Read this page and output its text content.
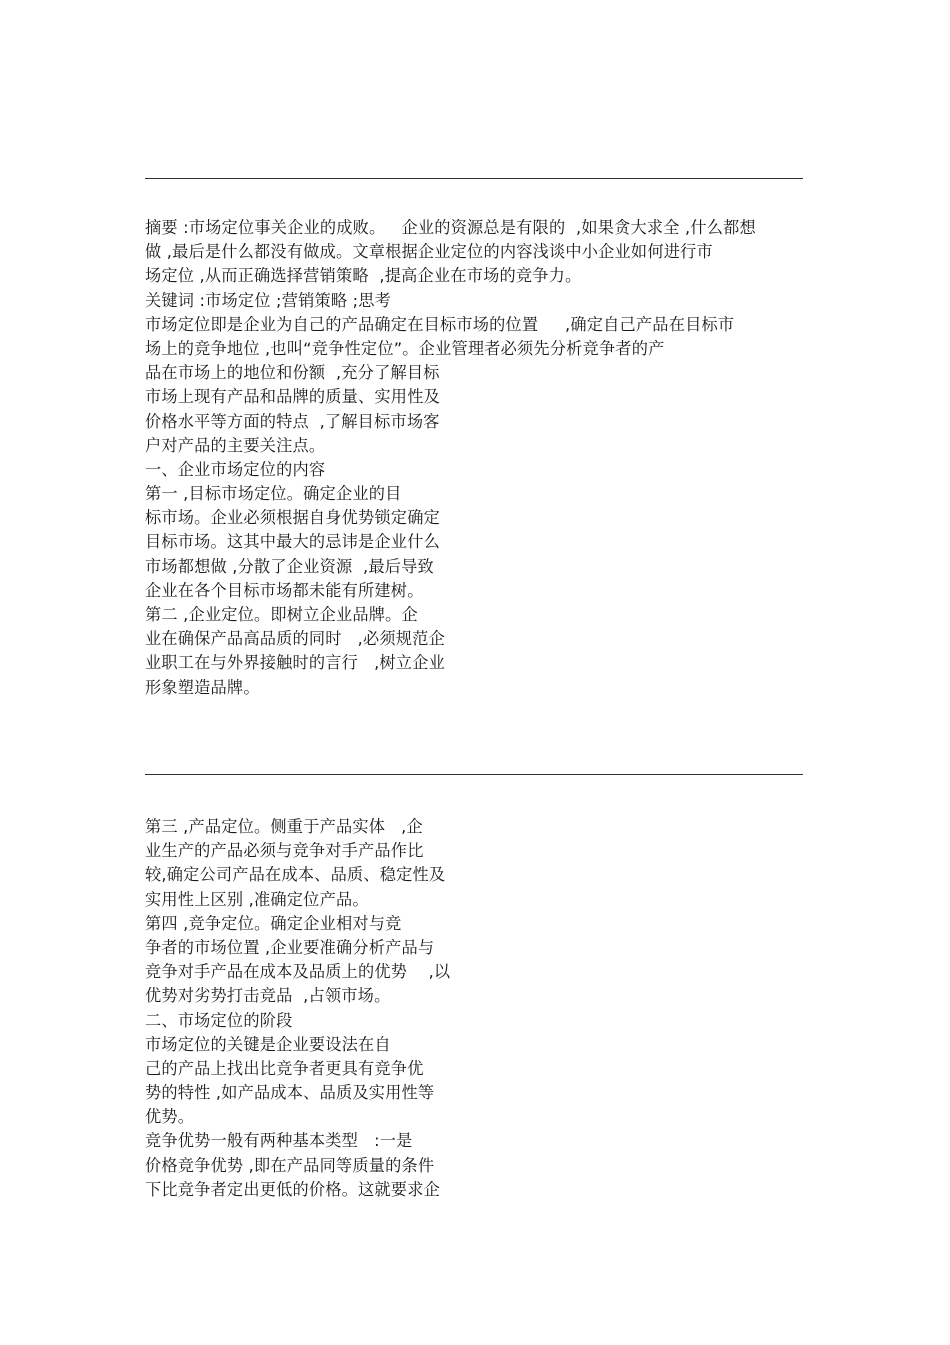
摘要 :市场定位事关企业的成败。   企业的资源总是有限的  ,如果贪大求全 ,什么都想
做 ,最后是什么都没有做成。文章根据企业定位的内容浅谈中小企业如何进行市
场定位 ,从而正确选择营销策略  ,提高企业在市场的竞争力。
关键词 :市场定位 ;营销策略 ;思考
市场定位即是企业为自己的产品确定在目标市场的位置     ,确定自己产品在目标市
场上的竞争地位 ,也叫“竞争性定位”。企业管理者必须先分析竞争者的产
品在市场上的地位和份额  ,充分了解目标
市场上现有产品和品牌的质量、实用性及
价格水平等方面的特点  ,了解目标市场客
户对产品的主要关注点。
一、企业市场定位的内容
第一 ,目标市场定位。确定企业的目
标市场。企业必须根据自身优势锁定确定
目标市场。这其中最大的忌讳是企业什么
市场都想做 ,分散了企业资源  ,最后导致
企业在各个目标市场都未能有所建树。
第二 ,企业定位。即树立企业品牌。企
业在确保产品高品质的同时   ,必须规范企
业职工在与外界接触时的言行   ,树立企业
形象塑造品牌。
第三 ,产品定位。侧重于产品实体   ,企
业生产的产品必须与竞争对手产品作比
较,确定公司产品在成本、品质、稳定性及
实用性上区别 ,准确定位产品。
第四 ,竞争定位。确定企业相对与竞
争者的市场位置 ,企业要准确分析产品与
竞争对手产品在成本及品质上的优势    ,以
优势对劣势打击竞品  ,占领市场。
二、市场定位的阶段
市场定位的关键是企业要设法在自
己的产品上找出比竞争者更具有竞争优
势的特性 ,如产品成本、品质及实用性等
优势。
竞争优势一般有两种基本类型   :一是
价格竞争优势 ,即在产品同等质量的条件
下比竞争者定出更低的价格。这就要求企
